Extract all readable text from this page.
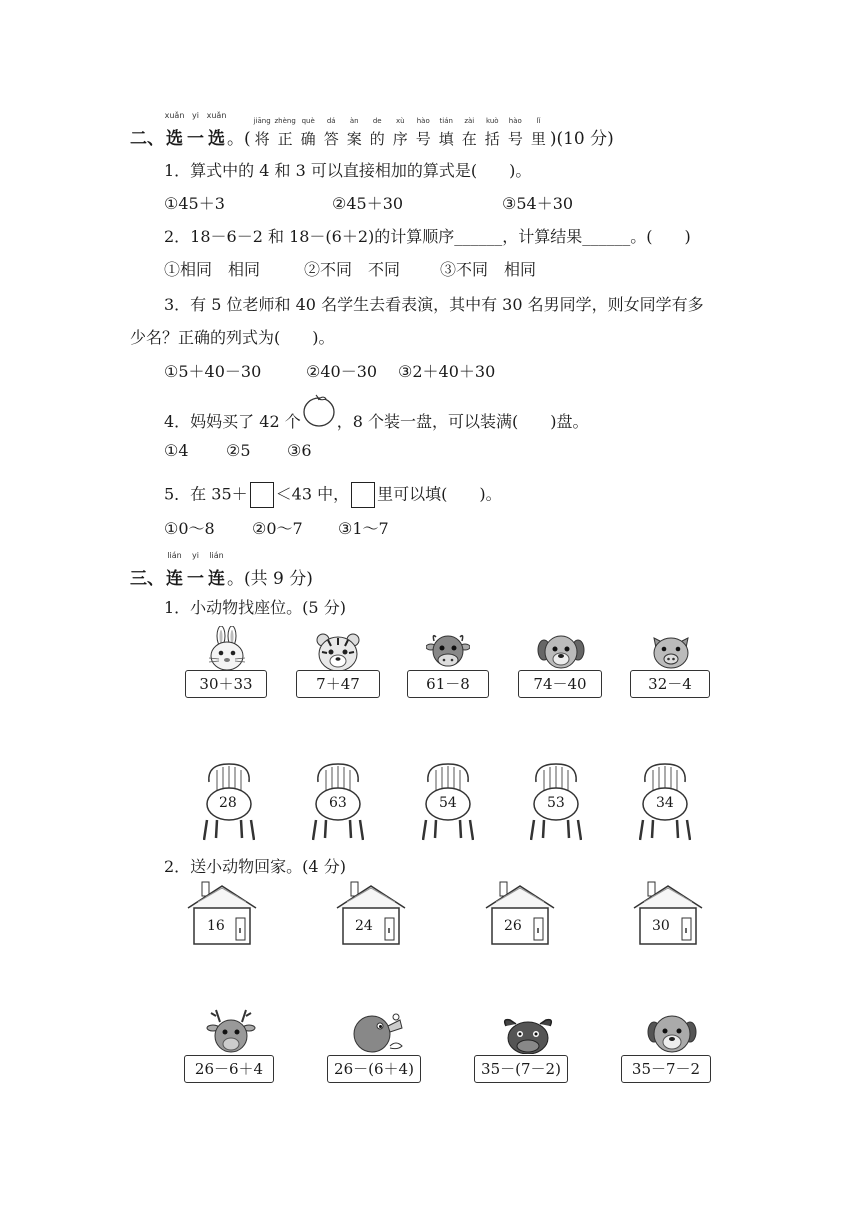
二、
xuǎn
选
yi
一
xuǎn
选 。(
jiāng
将
zhèng
正
què
确
dá
答
àn
案
de
的
xù
序
hào
号
tián
填
zài
在
kuò
括
hào
号
lǐ
里 )(10 分)
1．算式中的 4 和 3 可以直接相加的算式是(　　)。
①45＋3	②45＋30	③54＋30
2．18－6－2 和 18－(6＋2)的计算顺序______，计算结果______。(　　)
①相同　相同	②不同　不同 ③不同　相同
3．有 5 位老师和 40 名学生去看表演，其中有 30 名男同学，则女同学有多
少名？正确的列式为(　　)。
①5＋40－30	②40－30 ③2＋40＋30
4．妈妈买了 42 个 ，8 个装一盘，可以装满(　　)盘。
①4 ②5 ③6
5．在 35＋ ＜43 中， 里可以填(　　)。
①0～8 ②0～7 ③1～7
三、
lián
连
yi
一
lián
连 。(共 9 分)
1．小动物找座位。(5 分)
30＋33	7＋47	61－8	74－40	32－4
28	63	54	53	34
2．送小动物回家。(4 分)
16	24	26	30
26－6＋4	26－(6＋4)	35－(7－2)	35－7－2
